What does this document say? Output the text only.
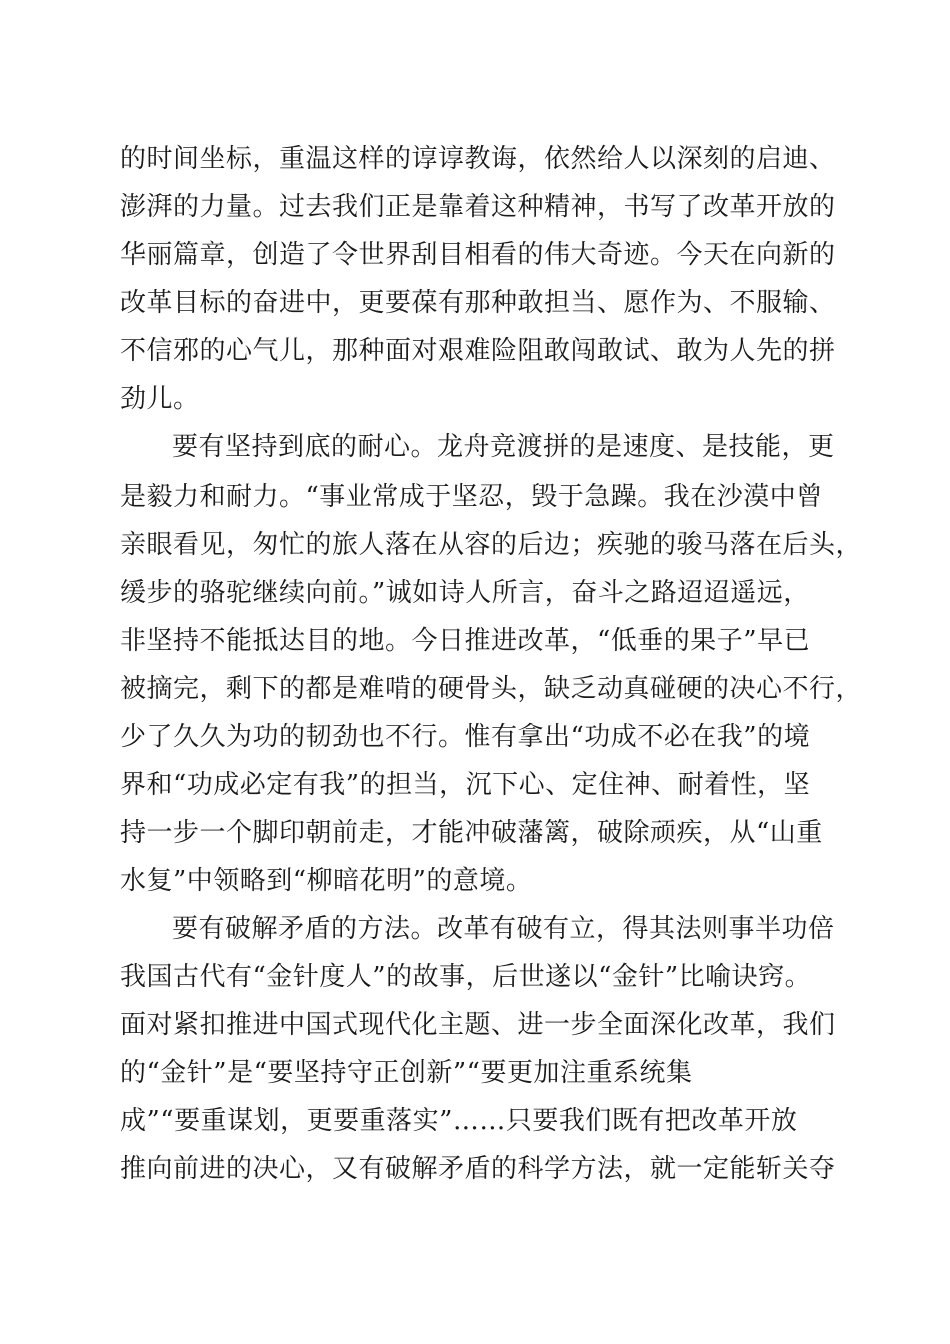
的时间坐标，重温这样的谆谆教诲，依然给人以深刻的启迪、
澎湃的力量。过去我们正是靠着这种精神，书写了改革开放的
华丽篇章，创造了令世界刮目相看的伟大奇迹。今天在向新的
改革目标的奋进中，更要葆有那种敢担当、愿作为、不服输、
不信邪的心气儿，那种面对艰难险阻敢闯敢试、敢为人先的拼
劲儿。
要有坚持到底的耐心。龙舟竞渡拼的是速度、是技能，更
是毅力和耐力。“事业常成于坚忍，毁于急躁。我在沙漠中曾
亲眼看见，匆忙的旅人落在从容的后边；疾驰的骏马落在后头，
缓步的骆驼继续向前。”诚如诗人所言，奋斗之路迢迢遥远，
非坚持不能抵达目的地。今日推进改革，“低垂的果子”早已
被摘完，剩下的都是难啃的硬骨头，缺乏动真碰硬的决心不行，
少了久久为功的韧劲也不行。惟有拿出“功成不必在我”的境
界和“功成必定有我”的担当，沉下心、定住神、耐着性，坚
持一步一个脚印朝前走，才能冲破藩篱，破除顽疾，从“山重
水复”中领略到“柳暗花明”的意境。
要有破解矛盾的方法。改革有破有立，得其法则事半功倍
我国古代有“金针度人”的故事，后世遂以“金针”比喻诀窍。
面对紧扣推进中国式现代化主题、进一步全面深化改革，我们
的“金针”是“要坚持守正创新”“要更加注重系统集
成”“要重谋划，更要重落实”……只要我们既有把改革开放
推向前进的决心，又有破解矛盾的科学方法，就一定能斩关夺
